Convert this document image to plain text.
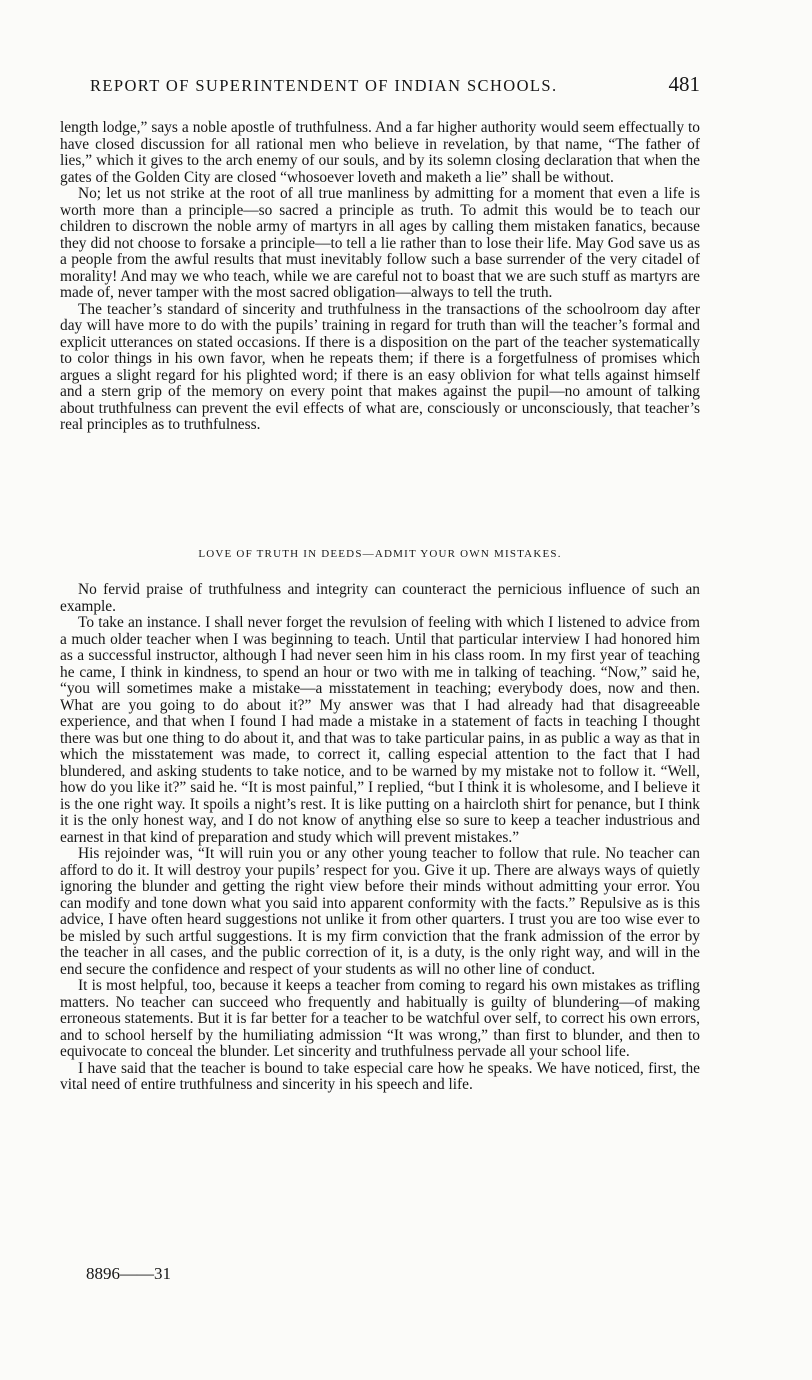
REPORT OF SUPERINTENDENT OF INDIAN SCHOOLS.	481

length lodge,” says a noble apostle of truthfulness. And a far higher authority would seem effectually to have closed discussion for all rational men who believe in revelation, by that name, “The father of lies,” which it gives to the arch enemy of our souls, and by its solemn closing declaration that when the gates of the Golden City are closed “whosoever loveth and maketh a lie” shall be without.

No; let us not strike at the root of all true manliness by admitting for a moment that even a life is worth more than a principle—so sacred a principle as truth. To admit this would be to teach our children to discrown the noble army of martyrs in all ages by calling them mistaken fanatics, because they did not choose to forsake a principle—to tell a lie rather than to lose their life. May God save us as a people from the awful results that must inevitably follow such a base surrender of the very citadel of morality! And may we who teach, while we are careful not to boast that we are such stuff as martyrs are made of, never tamper with the most sacred obligation—always to tell the truth.

The teacher’s standard of sincerity and truthfulness in the transactions of the schoolroom day after day will have more to do with the pupils’ training in regard for truth than will the teacher’s formal and explicit utterances on stated occasions. If there is a disposition on the part of the teacher systematically to color things in his own favor, when he repeats them; if there is a forgetfulness of promises which argues a slight regard for his plighted word; if there is an easy oblivion for what tells against himself and a stern grip of the memory on every point that makes against the pupil—no amount of talking about truthfulness can prevent the evil effects of what are, consciously or unconsciously, that teacher’s real principles as to truthfulness.

LOVE OF TRUTH IN DEEDS—ADMIT YOUR OWN MISTAKES.

No fervid praise of truthfulness and integrity can counteract the pernicious influence of such an example.

To take an instance. I shall never forget the revulsion of feeling with which I listened to advice from a much older teacher when I was beginning to teach. Until that particular interview I had honored him as a successful instructor, although I had never seen him in his class room. In my first year of teaching he came, I think in kindness, to spend an hour or two with me in talking of teaching. “Now,” said he, “you will sometimes make a mistake—a misstatement in teaching; everybody does, now and then. What are you going to do about it?” My answer was that I had already had that disagreeable experience, and that when I found I had made a mistake in a statement of facts in teaching I thought there was but one thing to do about it, and that was to take particular pains, in as public a way as that in which the misstatement was made, to correct it, calling especial attention to the fact that I had blundered, and asking students to take notice, and to be warned by my mistake not to follow it. “Well, how do you like it?” said he. “It is most painful,” I replied, “but I think it is wholesome, and I believe it is the one right way. It spoils a night’s rest. It is like putting on a haircloth shirt for penance, but I think it is the only honest way, and I do not know of anything else so sure to keep a teacher industrious and earnest in that kind of preparation and study which will prevent mistakes.”

His rejoinder was, “It will ruin you or any other young teacher to follow that rule. No teacher can afford to do it. It will destroy your pupils’ respect for you. Give it up. There are always ways of quietly ignoring the blunder and getting the right view before their minds without admitting your error. You can modify and tone down what you said into apparent conformity with the facts.” Repulsive as is this advice, I have often heard suggestions not unlike it from other quarters. I trust you are too wise ever to be misled by such artful suggestions. It is my firm conviction that the frank admission of the error by the teacher in all cases, and the public correction of it, is a duty, is the only right way, and will in the end secure the confidence and respect of your students as will no other line of conduct.

It is most helpful, too, because it keeps a teacher from coming to regard his own mistakes as trifling matters. No teacher can succeed who frequently and habitually is guilty of blundering—of making erroneous statements. But it is far better for a teacher to be watchful over self, to correct his own errors, and to school herself by the humiliating admission “It was wrong,” than first to blunder, and then to equivocate to conceal the blunder. Let sincerity and truthfulness pervade all your school life.

I have said that the teacher is bound to take especial care how he speaks. We have noticed, first, the vital need of entire truthfulness and sincerity in his speech and life.

8896——31
